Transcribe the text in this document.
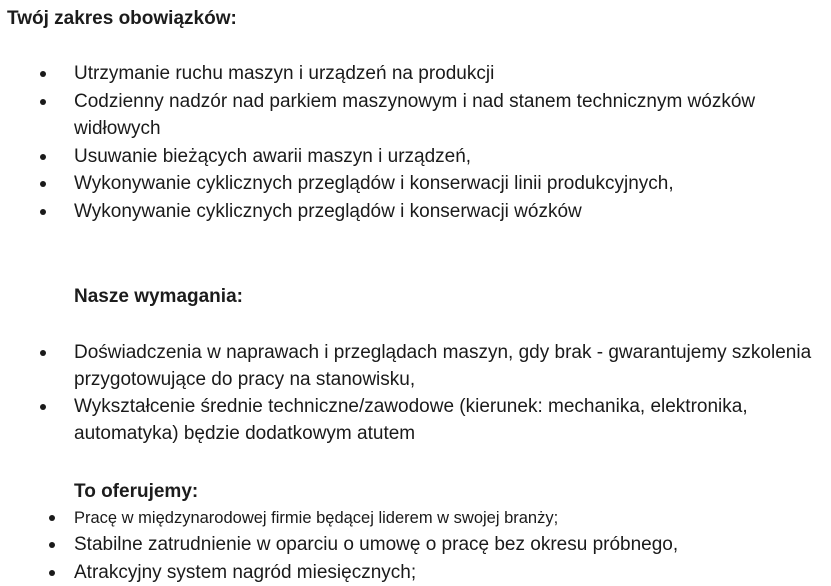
Twój zakres obowiązków:
Utrzymanie ruchu maszyn i urządzeń na produkcji
Codzienny nadzór nad parkiem maszynowym i nad stanem technicznym wózków widłowych
Usuwanie bieżących awarii maszyn i urządzeń,
Wykonywanie cyklicznych przeglądów i konserwacji linii produkcyjnych,
Wykonywanie cyklicznych przeglądów i konserwacji wózków
Nasze wymagania:
Doświadczenia w naprawach i przeglądach maszyn, gdy brak - gwarantujemy szkolenia przygotowujące do pracy na stanowisku,
Wykształcenie średnie techniczne/zawodowe (kierunek: mechanika, elektronika, automatyka) będzie dodatkowym atutem
To oferujemy:
Pracę w międzynarodowej firmie będącej liderem w swojej branży;
Stabilne zatrudnienie w oparciu o umowę o pracę bez okresu próbnego,
Atrakcyjny system nagród miesięcznych;
